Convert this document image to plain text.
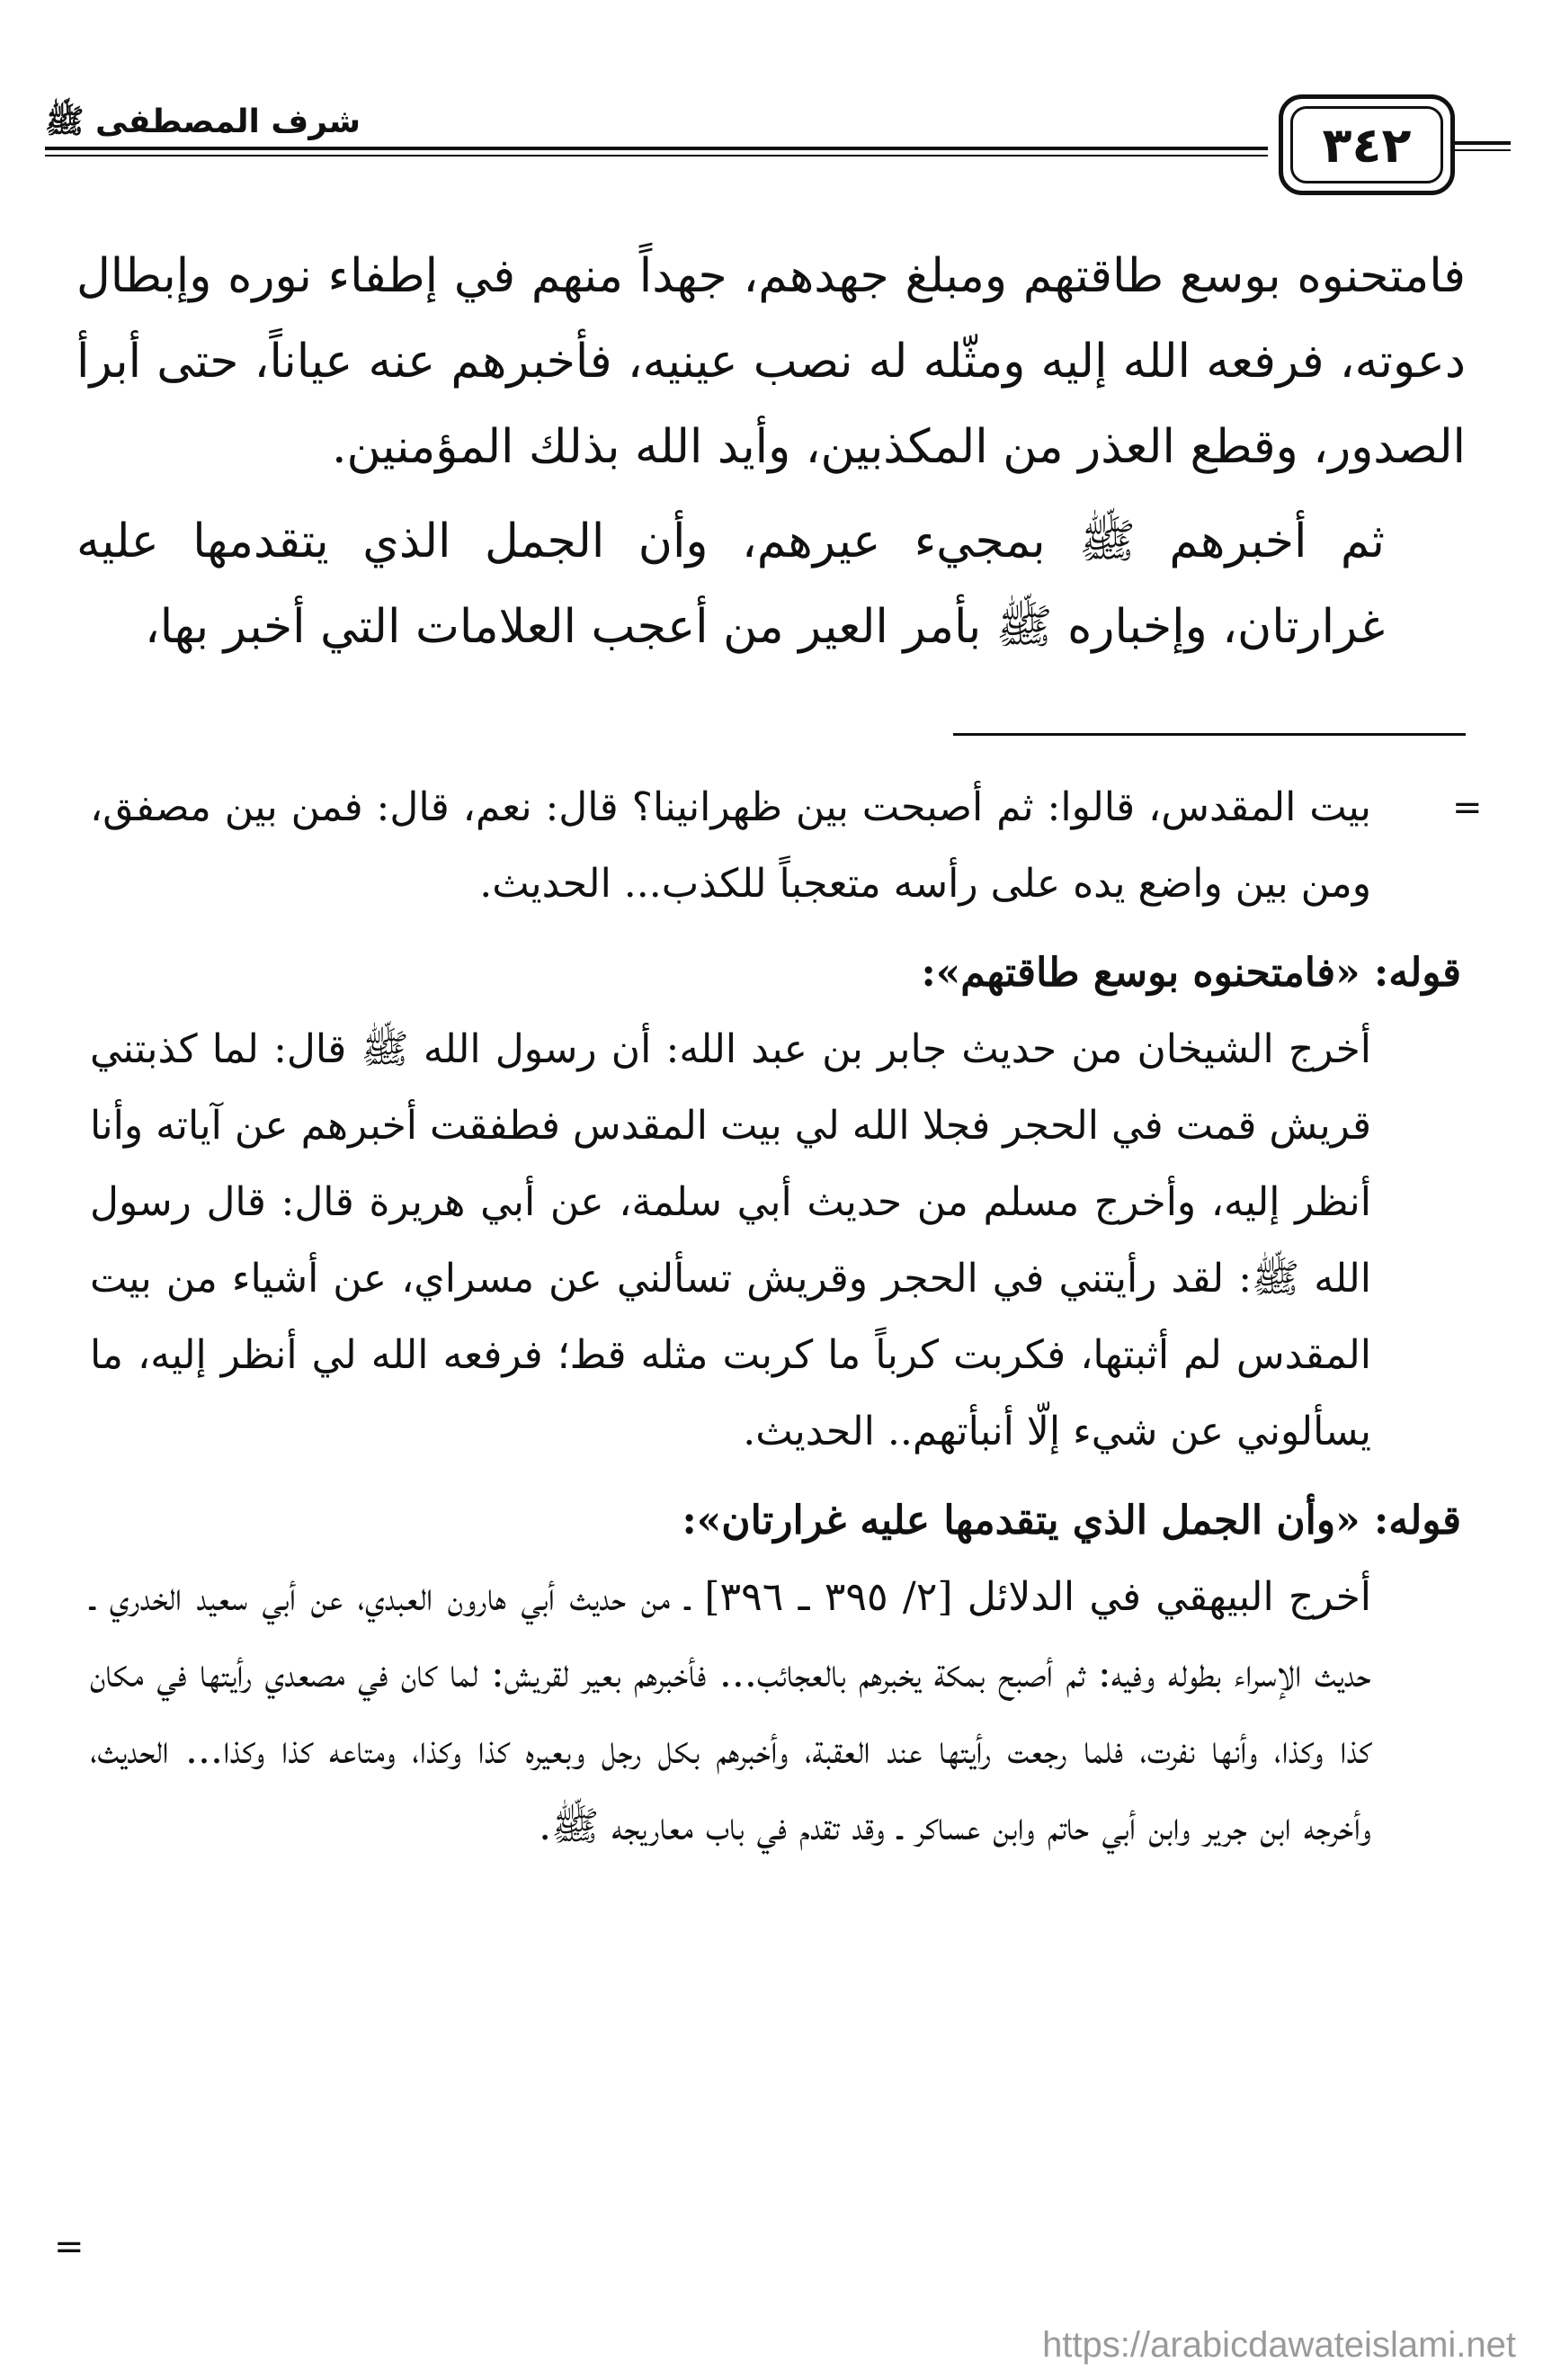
شرف المصطفى ﷺ	٣٤٢

فامتحنوه بوسع طاقتهم ومبلغ جهدهم، جهداً منهم في إطفاء نوره وإبطال دعوته، فرفعه الله إليه ومثّله له نصب عينيه، فأخبرهم عنه عياناً، حتى أبرأ الصدور، وقطع العذر من المكذبين، وأيد الله بذلك المؤمنين.

ثم أخبرهم ﷺ بمجيء عيرهم، وأن الجمل الذي يتقدمها عليه غرارتان، وإخباره ﷺ بأمر العير من أعجب العلامات التي أخبر بها،

=

بيت المقدس، قالوا: ثم أصبحت بين ظهرانينا؟ قال: نعم، قال: فمن بين مصفق، ومن بين واضع يده على رأسه متعجباً للكذب... الحديث.

قوله: «فامتحنوه بوسع طاقتهم»:

أخرج الشيخان من حديث جابر بن عبد الله: أن رسول الله ﷺ قال: لما كذبتني قريش قمت في الحجر فجلا الله لي بيت المقدس فطفقت أخبرهم عن آياته وأنا أنظر إليه، وأخرج مسلم من حديث أبي سلمة، عن أبي هريرة قال: قال رسول الله ﷺ: لقد رأيتني في الحجر وقريش تسألني عن مسراي، عن أشياء من بيت المقدس لم أثبتها، فكربت كرباً ما كربت مثله قط؛ فرفعه الله لي أنظر إليه، ما يسألوني عن شيء إلّا أنبأتهم.. الحديث.

قوله: «وأن الجمل الذي يتقدمها عليه غرارتان»:

أخرج البيهقي في الدلائل [٢/ ٣٩٥ ـ ٣٩٦] ـ من حديث أبي هارون العبدي، عن أبي سعيد الخدري ـ حديث الإسراء بطوله وفيه: ثم أصبح بمكة يخبرهم بالعجائب... فأخبرهم بعير لقريش: لما كان في مصعدي رأيتها في مكان كذا وكذا، وأنها نفرت، فلما رجعت رأيتها عند العقبة، وأخبرهم بكل رجل وبعيره كذا وكذا، ومتاعه كذا وكذا... الحديث، وأخرجه ابن جرير وابن أبي حاتم وابن عساكر ـ وقد تقدم في باب معاريجه ﷺ.

=
https://arabicdawateislami.net
